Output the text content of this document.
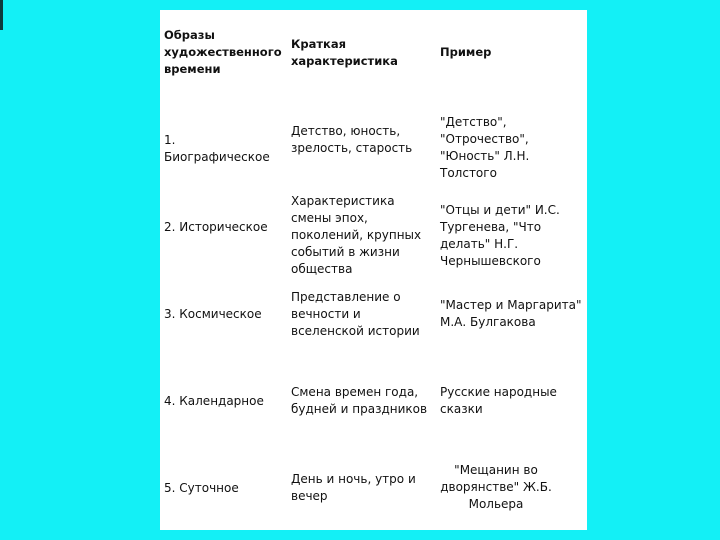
Образы художественного времени
Краткая характеристика
Пример
1. Биографическое
Детство, юность, зрелость, старость
"Детство", "Отрочество", "Юность" Л.Н. Толстого
2. Историческое
Характеристика смены эпох, поколений, крупных событий в жизни общества
"Отцы и дети" И.С. Тургенева, "Что делать" Н.Г. Чернышевского
3. Космическое
Представление о вечности и вселенской истории
"Мастер и Маргарита" М.А. Булгакова
4. Календарное
Смена времен года, будней и праздников
Русские народные сказки
5. Суточное
День и ночь, утро и вечер
"Мещанин во дворянстве" Ж.Б. Мольера
